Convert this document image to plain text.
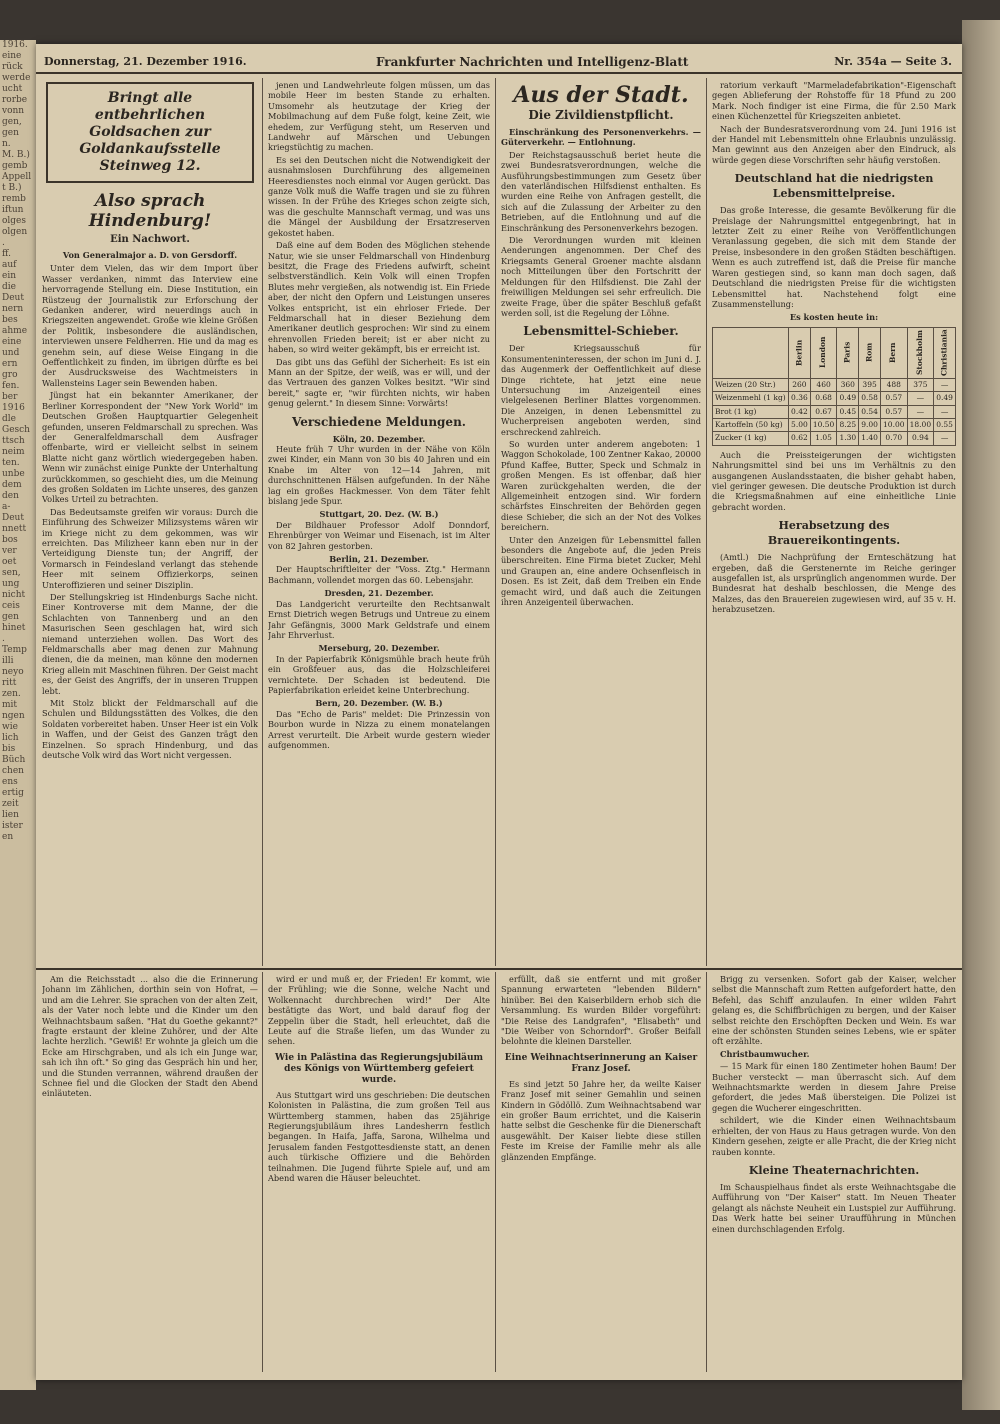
1916.
eine
rück
werde
ucht
rorbe
vonn
gen,
gen
n.
M. B.)
gemb
Appell
t B.)
remb
iftun
olges
olgen
.
ff.
auf
ein
die
Deut
nern
bes
ahme
eine
und
ern
gro
fen.
ber
1916
dle
Gesch
ttsch
neim
ten.
unbe
dem
den
a-
Deut
nnett
bos
ver
oet
sen,
ung
nicht
ceis
gen
hinet
.
Temp
illi
neyo
ritt
zen.
mit
ngen
wie
lich
bis
Büch
chen
ens
ertig
zeit
lien
ister
en
Donnerstag, 21. Dezember 1916.	Frankfurter Nachrichten und Intelligenz-Blatt	Nr. 354a — Seite 3.
Bringt alle entbehrlichen Goldsachen zur Goldankaufsstelle Steinweg 12.
Also sprach Hindenburg!
Ein Nachwort.
Von Generalmajor a. D. von Gersdorff.

Unter dem Vielen, das wir dem Import über Wasser verdanken, nimmt das Interview eine hervorragende Stellung ein. Diese Institution, ein Rüstzeug der Journalistik zur Erforschung der Gedanken anderer, wird neuerdings auch in Kriegszeiten angewendet. Große wie kleine Größen der Politik, insbesondere die ausländischen, interviewen unsere Feldherren. Hie und da mag es genehm sein, auf diese Weise Eingang in die Oeffentlichkeit zu finden, im übrigen dürfte es bei der Ausdrucksweise des Wachtmeisters in Wallensteins Lager sein Bewenden haben.

Jüngst hat ein bekannter Amerikaner, der Berliner Korrespondent der "New York World" im Deutschen Großen Hauptquartier Gelegenheit gefunden, unseren Feldmarschall zu sprechen. Was der Generalfeldmarschall dem Ausfrager offenbarte, wird er vielleicht selbst in seinem Blatte nicht ganz wörtlich wiedergegeben haben. Wenn wir zunächst einige Punkte der Unterhaltung zurückkommen, so geschieht dies, um die Meinung des großen Soldaten im Lichte unseres, des ganzen Volkes Urteil zu betrachten.

Das Bedeutsamste greifen wir voraus: Durch die Einführung des Schweizer Milizsystems wären wir im Kriege nicht zu dem gekommen, was wir erreichten. Das Milizheer kann eben nur in der Verteidigung Dienste tun; der Angriff, der Vormarsch in Feindesland verlangt das stehende Heer mit seinem Offizierkorps, seinen Unteroffizieren und seiner Disziplin.

Der Stellungskrieg ist Hindenburgs Sache nicht. Einer Kontroverse mit dem Manne, der die Schlachten von Tannenberg und an den Masurischen Seen geschlagen hat, wird sich niemand unterziehen wollen. Das Wort des Feldmarschalls aber mag denen zur Mahnung dienen, die da meinen, man könne den modernen Krieg allein mit Maschinen führen. Der Geist macht es, der Geist des Angriffs, der in unseren Truppen lebt.

Mit Stolz blickt der Feldmarschall auf die Schulen und Bildungsstätten des Volkes, die den Soldaten vorbereitet haben. Unser Heer ist ein Volk in Waffen, und der Geist des Ganzen trägt den Einzelnen. So sprach Hindenburg, und das deutsche Volk wird das Wort nicht vergessen.

jenen und Landwehrleute folgen müssen, um das mobile Heer im besten Stande zu erhalten. Umsomehr als heutzutage der Krieg der Mobilmachung auf dem Fuße folgt, keine Zeit, wie ehedem, zur Verfügung steht, um Reserven und Landwehr auf Märschen und Uebungen kriegstüchtig zu machen.

Es sei den Deutschen nicht die Notwendigkeit der ausnahmslosen Durchführung des allgemeinen Heeresdienstes noch einmal vor Augen gerückt. Das ganze Volk muß die Waffe tragen und sie zu führen wissen. In der Frühe des Krieges schon zeigte sich, was die geschulte Mannschaft vermag, und was uns die Mängel der Ausbildung der Ersatzreserven gekostet haben.

Daß eine auf dem Boden des Möglichen stehende Natur, wie sie unser Feldmarschall von Hindenburg besitzt, die Frage des Friedens aufwirft, scheint selbstverständlich. Kein Volk will einen Tropfen Blutes mehr vergießen, als notwendig ist. Ein Friede aber, der nicht den Opfern und Leistungen unseres Volkes entspricht, ist ein ehrloser Friede. Der Feldmarschall hat in dieser Beziehung dem Amerikaner deutlich gesprochen: Wir sind zu einem ehrenvollen Frieden bereit; ist er aber nicht zu haben, so wird weiter gekämpft, bis er erreicht ist.

Das gibt uns das Gefühl der Sicherheit: Es ist ein Mann an der Spitze, der weiß, was er will, und der das Vertrauen des ganzen Volkes besitzt. "Wir sind bereit," sagte er, "wir fürchten nichts, wir haben genug gelernt." In diesem Sinne: Vorwärts!

Verschiedene Meldungen.
Köln, 20. Dezember.

Heute früh 7 Uhr wurden in der Nähe von Köln zwei Kinder, ein Mann von 30 bis 40 Jahren und ein Knabe im Alter von 12—14 Jahren, mit durchschnittenen Hälsen aufgefunden. In der Nähe lag ein großes Hackmesser. Von dem Täter fehlt bislang jede Spur.

Stuttgart, 20. Dez. (W. B.)

Der Bildhauer Professor Adolf Donndorf, Ehrenbürger von Weimar und Eisenach, ist im Alter von 82 Jahren gestorben.

Berlin, 21. Dezember.

Der Hauptschriftleiter der "Voss. Ztg." Hermann Bachmann, vollendet morgen das 60. Lebensjahr.

Dresden, 21. Dezember.

Das Landgericht verurteilte den Rechtsanwalt Ernst Dietrich wegen Betrugs und Untreue zu einem Jahr Gefängnis, 3000 Mark Geldstrafe und einem Jahr Ehrverlust.

Merseburg, 20. Dezember.

In der Papierfabrik Königsmühle brach heute früh ein Großfeuer aus, das die Holzschleiferei vernichtete. Der Schaden ist bedeutend. Die Papierfabrikation erleidet keine Unterbrechung.

Bern, 20. Dezember. (W. B.)

Das "Echo de Paris" meldet: Die Prinzessin von Bourbon wurde in Nizza zu einem monatelangen Arrest verurteilt. Die Arbeit wurde gestern wieder aufgenommen.

Aus der Stadt.
Die Zivildienstpflicht.

Einschränkung des Personenverkehrs. — Güterverkehr. — Entlohnung.

Der Reichstagsausschuß beriet heute die zwei Bundesratsverordnungen, welche die Ausführungsbestimmungen zum Gesetz über den vaterländischen Hilfsdienst enthalten. Es wurden eine Reihe von Anfragen gestellt, die sich auf die Zulassung der Arbeiter zu den Betrieben, auf die Entlohnung und auf die Einschränkung des Personenverkehrs bezogen.

Die Verordnungen wurden mit kleinen Aenderungen angenommen. Der Chef des Kriegsamts General Groener machte alsdann noch Mitteilungen über den Fortschritt der Meldungen für den Hilfsdienst. Die Zahl der freiwilligen Meldungen sei sehr erfreulich. Die zweite Frage, über die später Beschluß gefaßt werden soll, ist die Regelung der Löhne.

Lebensmittel-Schieber.

Der Kriegsausschuß für Konsumenteninteressen, der schon im Juni d. J. das Augenmerk der Oeffentlichkeit auf diese Dinge richtete, hat jetzt eine neue Untersuchung im Anzeigenteil eines vielgelesenen Berliner Blattes vorgenommen. Die Anzeigen, in denen Lebensmittel zu Wucherpreisen angeboten werden, sind erschreckend zahlreich.

So wurden unter anderem angeboten: 1 Waggon Schokolade, 100 Zentner Kakao, 20000 Pfund Kaffee, Butter, Speck und Schmalz in großen Mengen. Es ist offenbar, daß hier Waren zurückgehalten werden, die der Allgemeinheit entzogen sind. Wir fordern schärfstes Einschreiten der Behörden gegen diese Schieber, die sich an der Not des Volkes bereichern.

Unter den Anzeigen für Lebensmittel fallen besonders die Angebote auf, die jeden Preis überschreiten. Eine Firma bietet Zucker, Mehl und Graupen an, eine andere Ochsenfleisch in Dosen. Es ist Zeit, daß dem Treiben ein Ende gemacht wird, und daß auch die Zeitungen ihren Anzeigenteil überwachen.

ratorium verkauft "Marmeladefabrikation"-Eigenschaft gegen Ablieferung der Rohstoffe für 18 Pfund zu 200 Mark. Noch findiger ist eine Firma, die für 2.50 Mark einen Küchenzettel für Kriegszeiten anbietet.

Nach der Bundesratsverordnung vom 24. Juni 1916 ist der Handel mit Lebensmitteln ohne Erlaubnis unzulässig. Man gewinnt aus den Anzeigen aber den Eindruck, als würde gegen diese Vorschriften sehr häufig verstoßen.

Deutschland hat die niedrigsten Lebensmittelpreise.

Das große Interesse, die gesamte Bevölkerung für die Preislage der Nahrungsmittel entgegenbringt, hat in letzter Zeit zu einer Reihe von Veröffentlichungen Veranlassung gegeben, die sich mit dem Stande der Preise, insbesondere in den großen Städten beschäftigen. Wenn es auch zutreffend ist, daß die Preise für manche Waren gestiegen sind, so kann man doch sagen, daß Deutschland die niedrigsten Preise für die wichtigsten Lebensmittel hat. Nachstehend folgt eine Zusammenstellung:

Es kosten heute in:
	Berlin	London	Paris	Rom	Bern	Stockholm	Christiania
Weizen (20 Str.)	260	460	360	395	488	375	—
Weizenmehl (1 kg)	0.36	0.68	0.49	0.58	0.57	—	0.49
Brot (1 kg)	0.42	0.67	0.45	0.54	0.57	—	—
Kartoffeln (50 kg)	5.00	10.50	8.25	9.00	10.00	18.00	0.55
Zucker (1 kg)	0.62	1.05	1.30	1.40	0.70	0.94	—

Auch die Preissteigerungen der wichtigsten Nahrungsmittel sind bei uns im Verhältnis zu den ausgangenen Auslandsstaaten, die bisher gehabt haben, viel geringer gewesen. Die deutsche Produktion ist durch die Kriegsmaßnahmen auf eine einheitliche Linie gebracht worden.

Herabsetzung des Brauereikontingents.

(Amtl.) Die Nachprüfung der Ernteschätzung hat ergeben, daß die Gerstenernte im Reiche geringer ausgefallen ist, als ursprünglich angenommen wurde. Der Bundesrat hat deshalb beschlossen, die Menge des Malzes, das den Brauereien zugewiesen wird, auf 35 v. H. herabzusetzen.

Am die Reichsstadt ... also die die Erinnerung Johann im Zählichen, dorthin sein von Hofrat, — und am die Lehrer. Sie sprachen von der alten Zeit, als der Vater noch lebte und die Kinder um den Weihnachtsbaum saßen. "Hat du Goethe gekannt?" fragte erstaunt der kleine Zuhörer, und der Alte lachte herzlich. "Gewiß! Er wohnte ja gleich um die Ecke am Hirschgraben, und als ich ein Junge war, sah ich ihn oft." So ging das Gespräch hin und her, und die Stunden verrannen, während draußen der Schnee fiel und die Glocken der Stadt den Abend einläuteten.

wird er und muß er, der Frieden! Er kommt, wie der Frühling; wie die Sonne, welche Nacht und Wolkennacht durchbrechen wird!" Der Alte bestätigte das Wort, und bald darauf flog der Zeppelin über die Stadt, hell erleuchtet, daß die Leute auf die Straße liefen, um das Wunder zu sehen.

Wie in Palästina das Regierungsjubiläum des Königs von Württemberg gefeiert wurde.

Aus Stuttgart wird uns geschrieben: Die deutschen Kolonisten in Palästina, die zum großen Teil aus Württemberg stammen, haben das 25jährige Regierungsjubiläum ihres Landesherrn festlich begangen. In Haifa, Jaffa, Sarona, Wilhelma und Jerusalem fanden Festgottesdienste statt, an denen auch türkische Offiziere und die Behörden teilnahmen. Die Jugend führte Spiele auf, und am Abend waren die Häuser beleuchtet.

erfüllt, daß sie entfernt und mit großer Spannung erwarteten "lebenden Bildern" hinüber. Bei den Kaiserbildern erhob sich die Versammlung. Es wurden Bilder vorgeführt: "Die Reise des Landgrafen", "Elisabeth" und "Die Weiber von Schorndorf". Großer Beifall belohnte die kleinen Darsteller.

Eine Weihnachtserinnerung an Kaiser Franz Josef.

Es sind jetzt 50 Jahre her, da weilte Kaiser Franz Josef mit seiner Gemahlin und seinen Kindern in Gödöllö. Zum Weihnachtsabend war ein großer Baum errichtet, und die Kaiserin hatte selbst die Geschenke für die Dienerschaft ausgewählt. Der Kaiser liebte diese stillen Feste im Kreise der Familie mehr als alle glänzenden Empfänge.

Brigg zu versenken. Sofort gab der Kaiser, welcher selbst die Mannschaft zum Retten aufgefordert hatte, den Befehl, das Schiff anzulaufen. In einer wilden Fahrt gelang es, die Schiffbrüchigen zu bergen, und der Kaiser selbst reichte den Erschöpften Decken und Wein. Es war eine der schönsten Stunden seines Lebens, wie er später oft erzählte.

Christbaumwucher.

— 15 Mark für einen 180 Zentimeter hohen Baum! Der Bucher versteckt — man überrascht sich. Auf dem Weihnachtsmarkte werden in diesem Jahre Preise gefordert, die jedes Maß übersteigen. Die Polizei ist gegen die Wucherer eingeschritten.

schildert, wie die Kinder einen Weihnachtsbaum erhielten, der von Haus zu Haus getragen wurde. Von den Kindern gesehen, zeigte er alle Pracht, die der Krieg nicht rauben konnte.

Kleine Theaternachrichten.

Im Schauspielhaus findet als erste Weihnachtsgabe die Aufführung von "Der Kaiser" statt. Im Neuen Theater gelangt als nächste Neuheit ein Lustspiel zur Aufführung. Das Werk hatte bei seiner Uraufführung in München einen durchschlagenden Erfolg.
